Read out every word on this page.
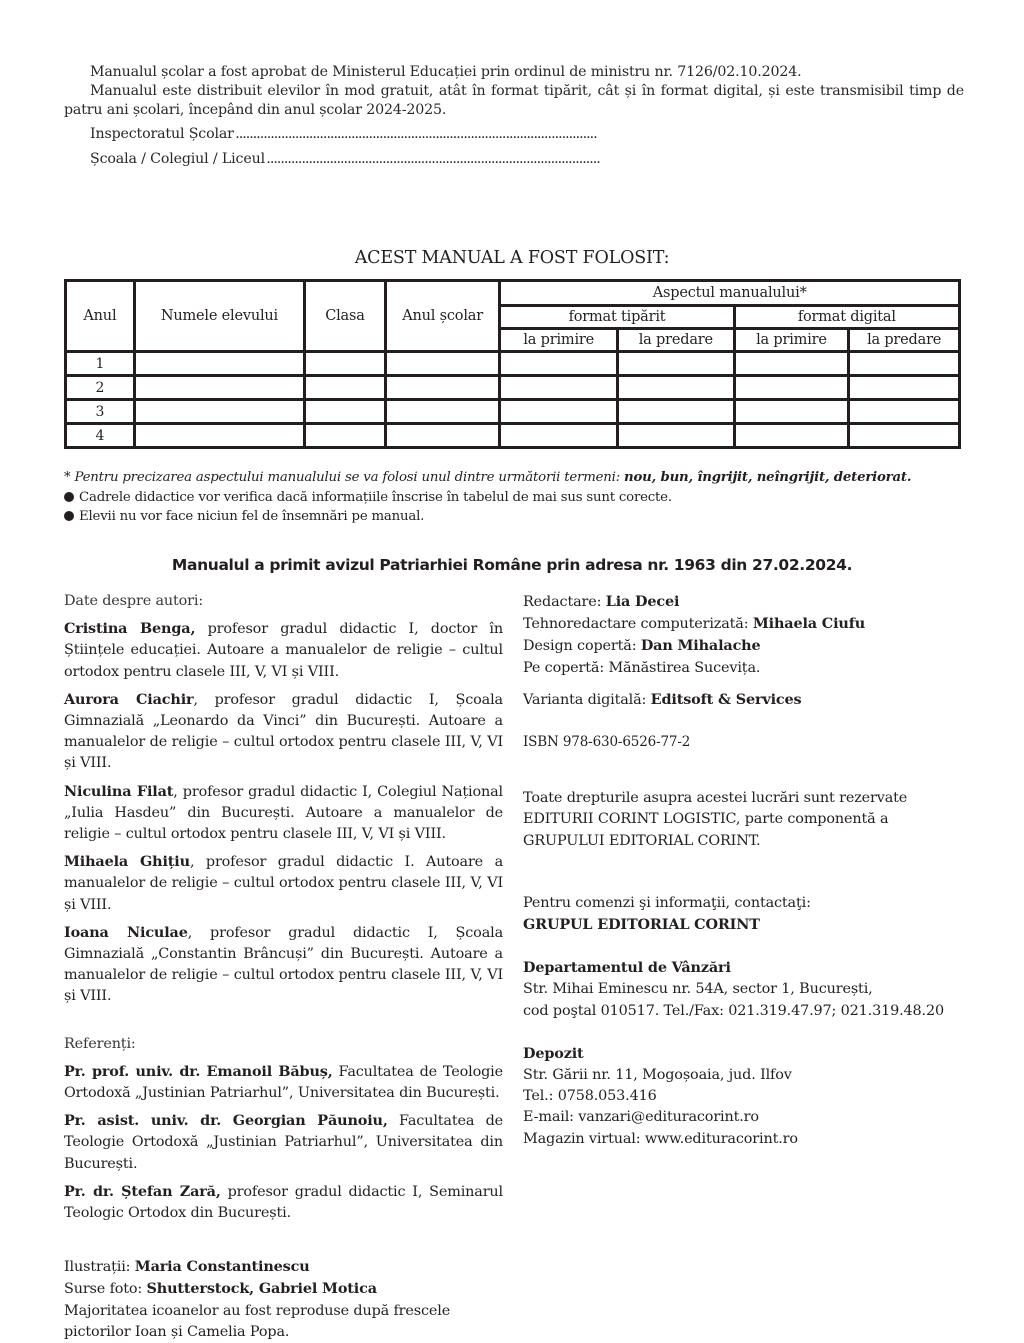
Manualul școlar a fost aprobat de Ministerul Educației prin ordinul de ministru nr. 7126/02.10.2024.
Manualul este distribuit elevilor în mod gratuit, atât în format tipărit, cât și în format digital, și este transmisibil timp de patru ani școlari, începând din anul școlar 2024-2025.
Inspectoratul Școlar .......................................................................................................
Școala / Colegiul / Liceul ...............................................................................................
ACEST MANUAL A FOST FOLOSIT:
Anul	Numele elevului	Clasa	Anul școlar	Aspectul manualului*			
				format tipărit		format digital	
				la primire	la predare	la primire	la predare
1							
2							
3							
4							
* Pentru precizarea aspectului manualului se va folosi unul dintre următorii termeni: nou, bun, îngrijit, neîngrijit, deteriorat.
Cadrele didactice vor verifica dacă informațiile înscrise în tabelul de mai sus sunt corecte.
Elevii nu vor face niciun fel de însemnări pe manual.
Manualul a primit avizul Patriarhiei Române prin adresa nr. 1963 din 27.02.2024.

Date despre autori:

Cristina Benga, profesor gradul didactic I, doctor în Științele educației. Autoare a manualelor de religie – cultul ortodox pentru clasele III, V, VI și VIII.

Aurora Ciachir, profesor gradul didactic I, Școala Gimnazială „Leonardo da Vinci” din București. Autoare a manualelor de religie – cultul ortodox pentru clasele III, V, VI și VIII.

Niculina Filat, profesor gradul didactic I, Colegiul Național „Iulia Hasdeu” din București. Autoare a manualelor de religie – cultul ortodox pentru clasele III, V, VI și VIII.

Mihaela Ghițiu, profesor gradul didactic I. Autoare a manualelor de religie – cultul ortodox pentru clasele III, V, VI și VIII.

Ioana Niculae, profesor gradul didactic I, Școala Gimnazială „Constantin Brâncuși” din București. Autoare a manualelor de religie – cultul ortodox pentru clasele III, V, VI și VIII.

Referenți:

Pr. prof. univ. dr. Emanoil Băbuș, Facultatea de Teologie Ortodoxă „Justinian Patriarhul”, Universitatea din București.

Pr. asist. univ. dr. Georgian Păunoiu, Facultatea de Teologie Ortodoxă „Justinian Patriarhul”, Universitatea din București.

Pr. dr. Ștefan Zară, profesor gradul didactic I, Seminarul Teologic Ortodox din București.

Ilustrații: Maria Constantinescu

Surse foto: Shutterstock, Gabriel Motica

Majoritatea icoanelor au fost reproduse după frescele pictorilor Ioan și Camelia Popa.

Redactare: Lia Decei

Tehnoredactare computerizată: Mihaela Ciufu

Design copertă: Dan Mihalache

Pe copertă: Mănăstirea Sucevița.

Varianta digitală: Editsoft & Services

ISBN 978-630-6526-77-2

Toate drepturile asupra acestei lucrări sunt rezervate

EDITURII CORINT LOGISTIC, parte componentă a

GRUPULUI EDITORIAL CORINT.

Pentru comenzi şi informaţii, contactaţi:

GRUPUL EDITORIAL CORINT

Departamentul de Vânzări

Str. Mihai Eminescu nr. 54A, sector 1, București,

cod poştal 010517. Tel./Fax: 021.319.47.97; 021.319.48.20

Depozit

Str. Gării nr. 11, Mogoșoaia, jud. Ilfov

Tel.: 0758.053.416

E-mail: vanzari@edituracorint.ro

Magazin virtual: www.edituracorint.ro
